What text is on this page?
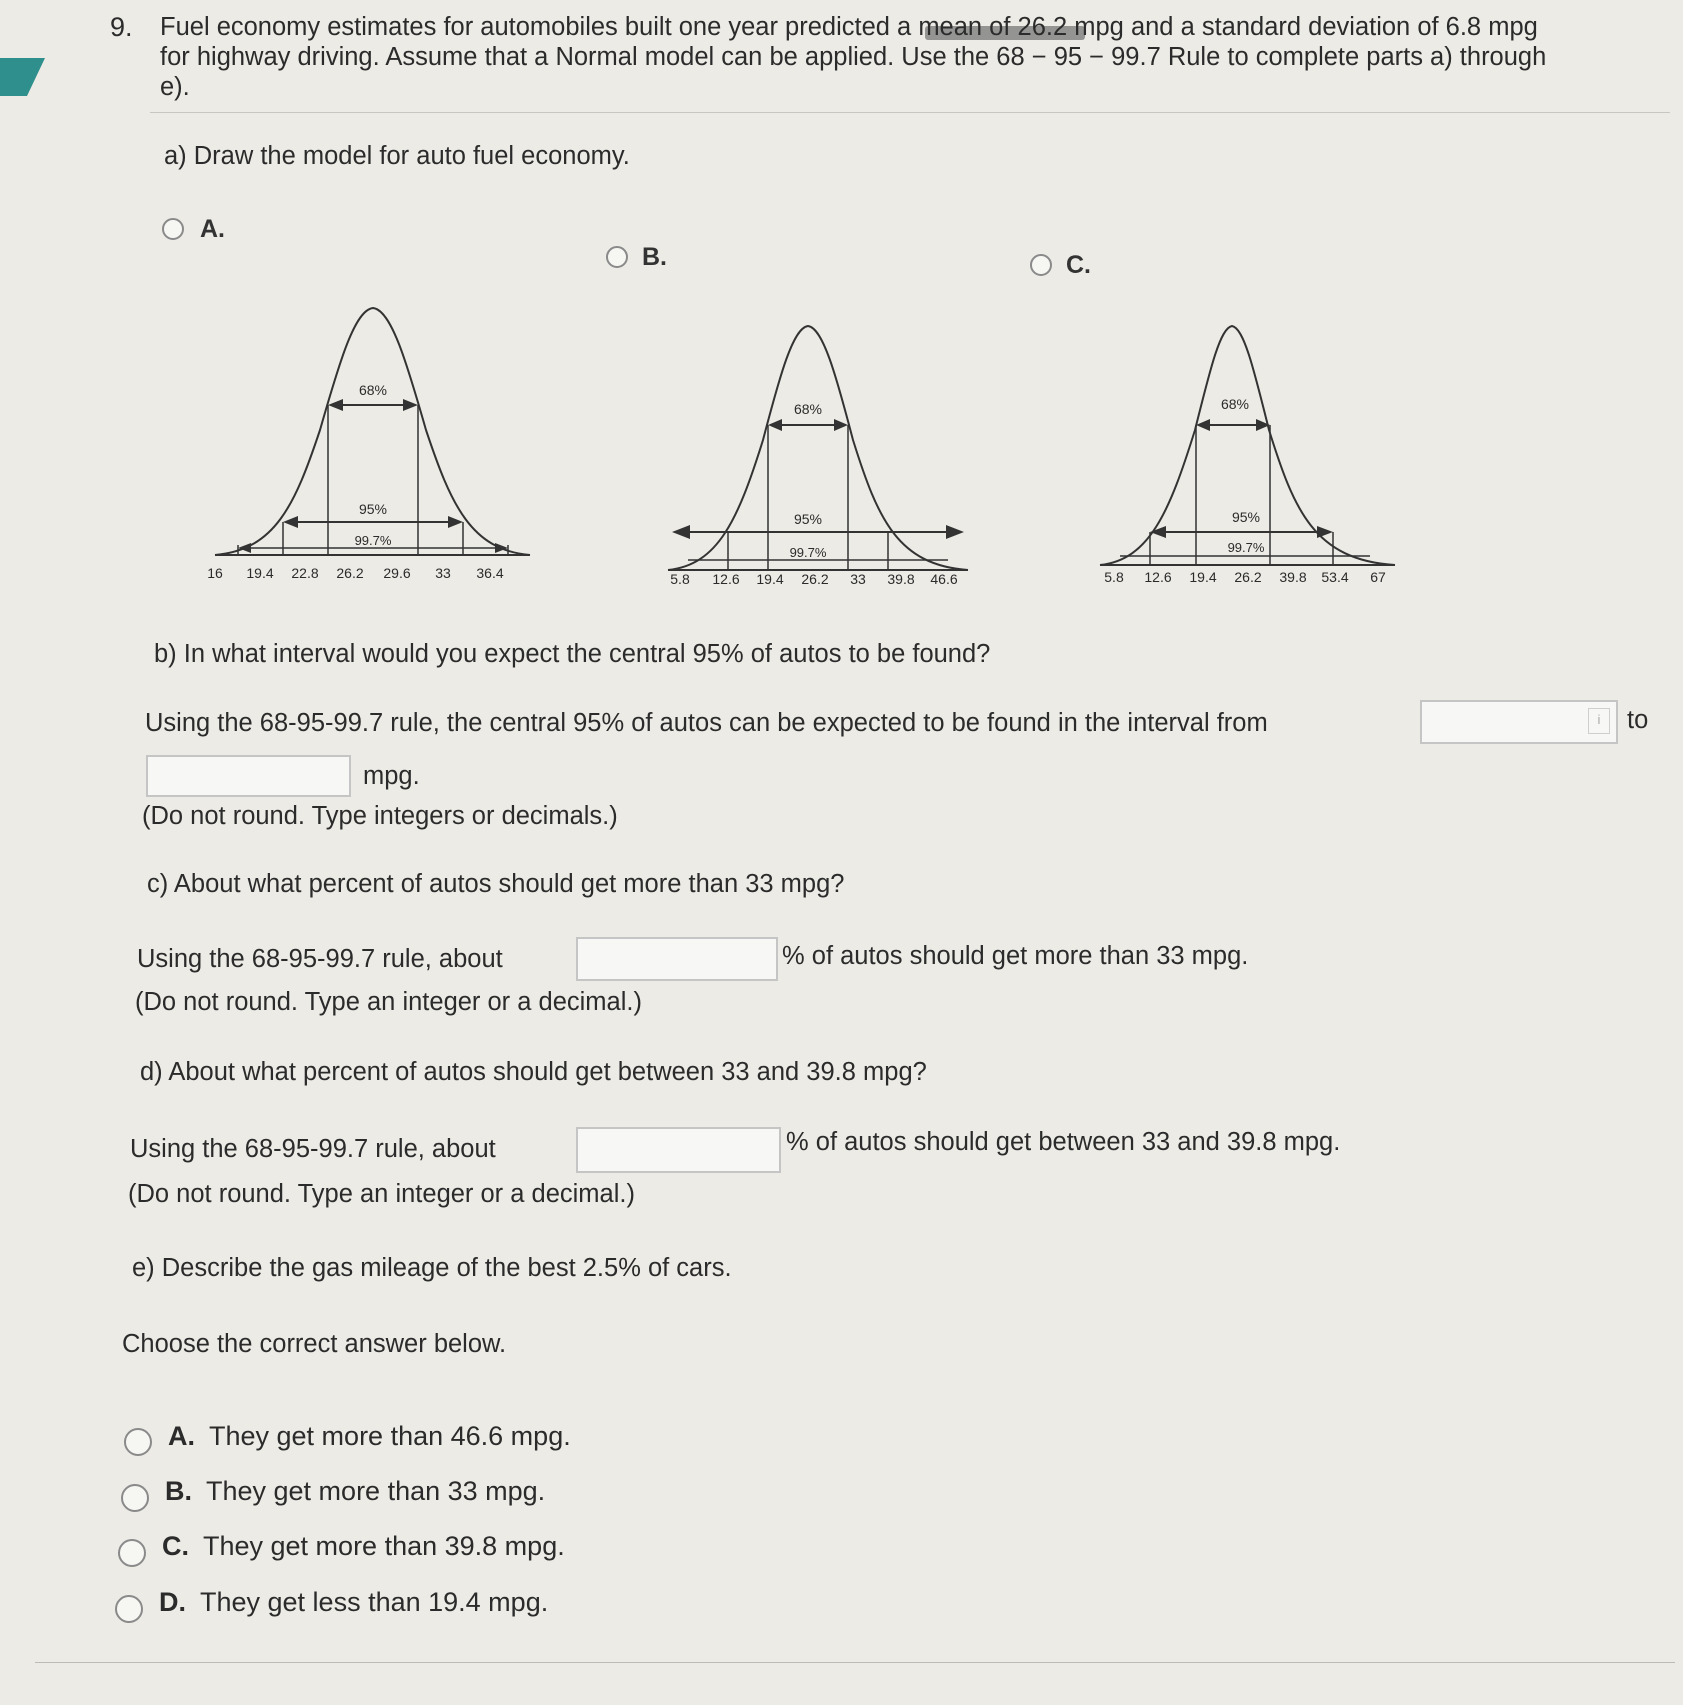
9. Fuel economy estimates for automobiles built one year predicted a mean of 26.2 mpg and a standard deviation of 6.8 mpg

for highway driving. Assume that a Normal model can be applied. Use the 68 − 95 − 99.7 Rule to complete parts a) through

e).

a) Draw the model for auto fuel economy.
A.
B.	C.
68%
95%
99.7%
16 19.4 22.8 26.2 29.6 33 36.4
68%
95%
99.7%
5.8 12.6 19.4 26.2 33 39.8 46.6
68%
95%
99.7%
5.8 12.6 19.4 26.2 39.8 53.4 67
b) In what interval would you expect the central 95% of autos to be found?
Using the 68-95-99.7 rule, the central 95% of autos can be expected to be found in the interval from	i	to
mpg.
(Do not round. Type integers or decimals.)
c) About what percent of autos should get more than 33 mpg?
Using the 68-95-99.7 rule, about	% of autos should get more than 33 mpg.
(Do not round. Type an integer or a decimal.)
d) About what percent of autos should get between 33 and 39.8 mpg?
Using the 68-95-99.7 rule, about	% of autos should get between 33 and 39.8 mpg.
(Do not round. Type an integer or a decimal.)
e) Describe the gas mileage of the best 2.5% of cars.
Choose the correct answer below.
A. They get more than 46.6 mpg.
B. They get more than 33 mpg.
C. They get more than 39.8 mpg.
D. They get less than 19.4 mpg.
